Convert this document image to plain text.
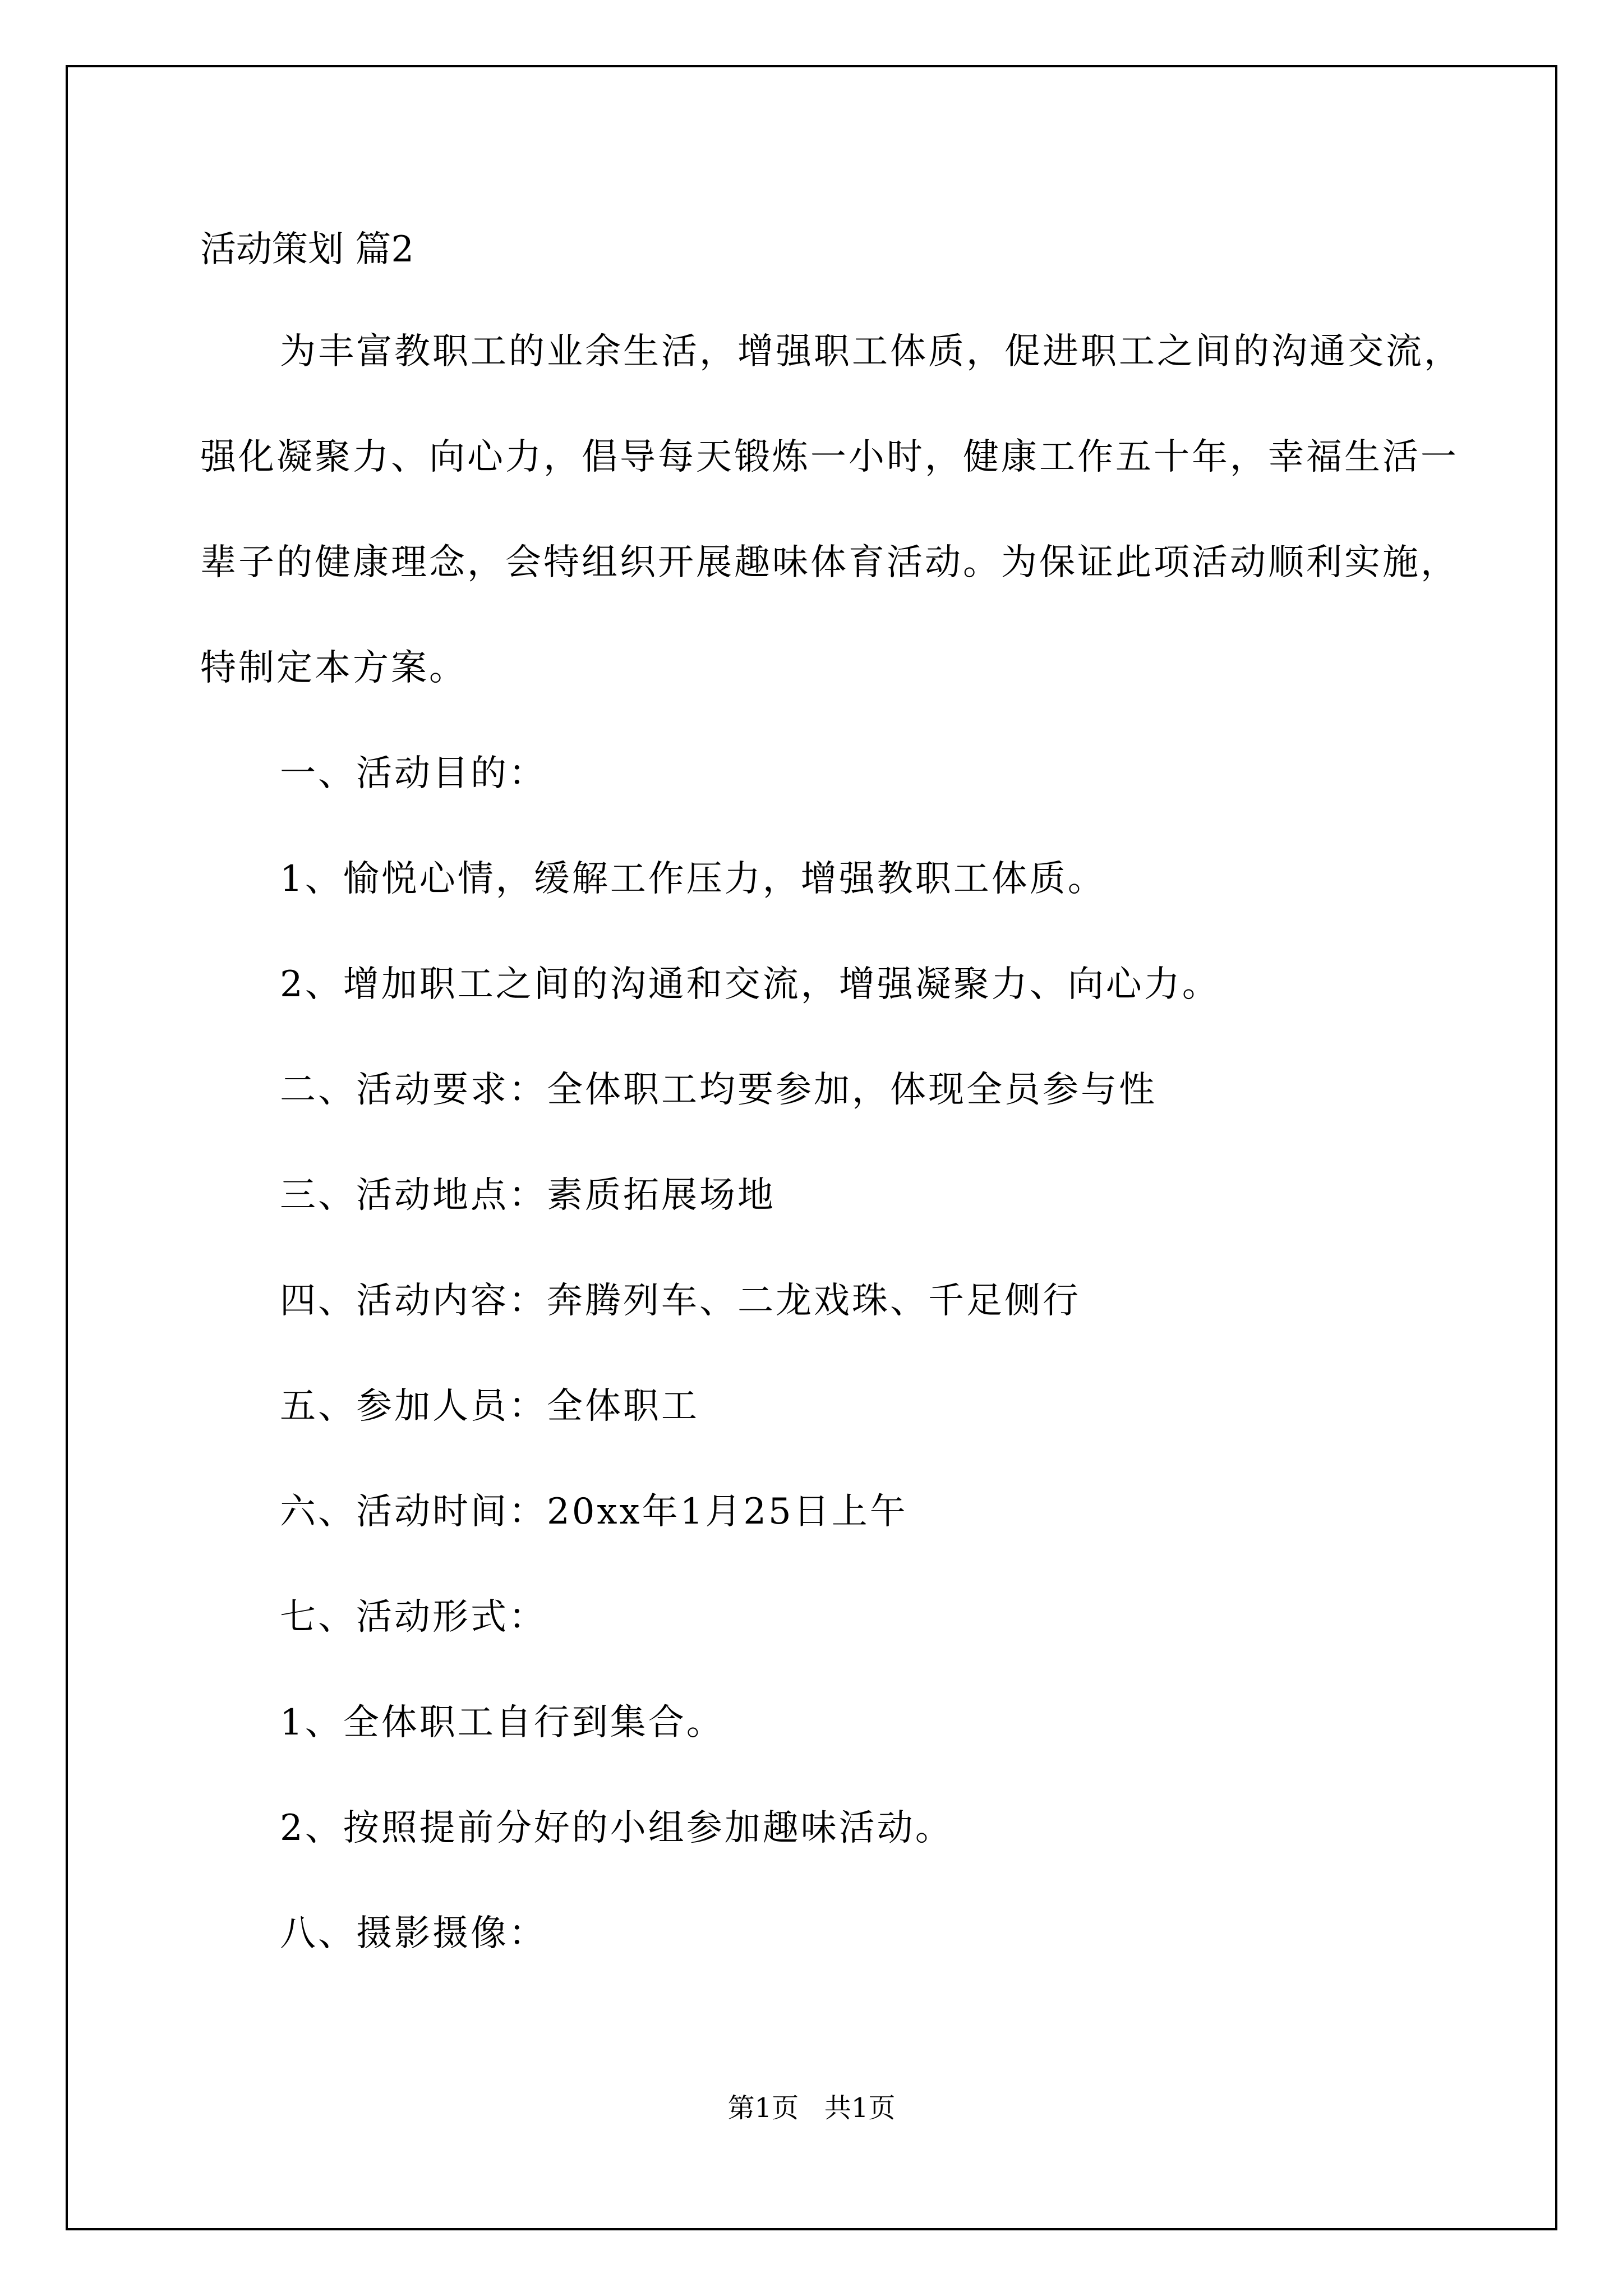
活动策划 篇2

为丰富教职工的业余生活，增强职工体质，促进职工之间的沟通交流，强化凝聚力、向心力，倡导每天锻炼一小时，健康工作五十年，幸福生活一辈子的健康理念，会特组织开展趣味体育活动。为保证此项活动顺利实施，特制定本方案。

一、活动目的：

1、愉悦心情，缓解工作压力，增强教职工体质。

2、增加职工之间的沟通和交流，增强凝聚力、向心力。

二、活动要求：全体职工均要参加，体现全员参与性

三、活动地点：素质拓展场地

四、活动内容：奔腾列车、二龙戏珠、千足侧行

五、参加人员：全体职工

六、活动时间：20xx年1月25日上午

七、活动形式：

1、全体职工自行到集合。

2、按照提前分好的小组参加趣味活动。

八、摄影摄像：

第1页   共1页
